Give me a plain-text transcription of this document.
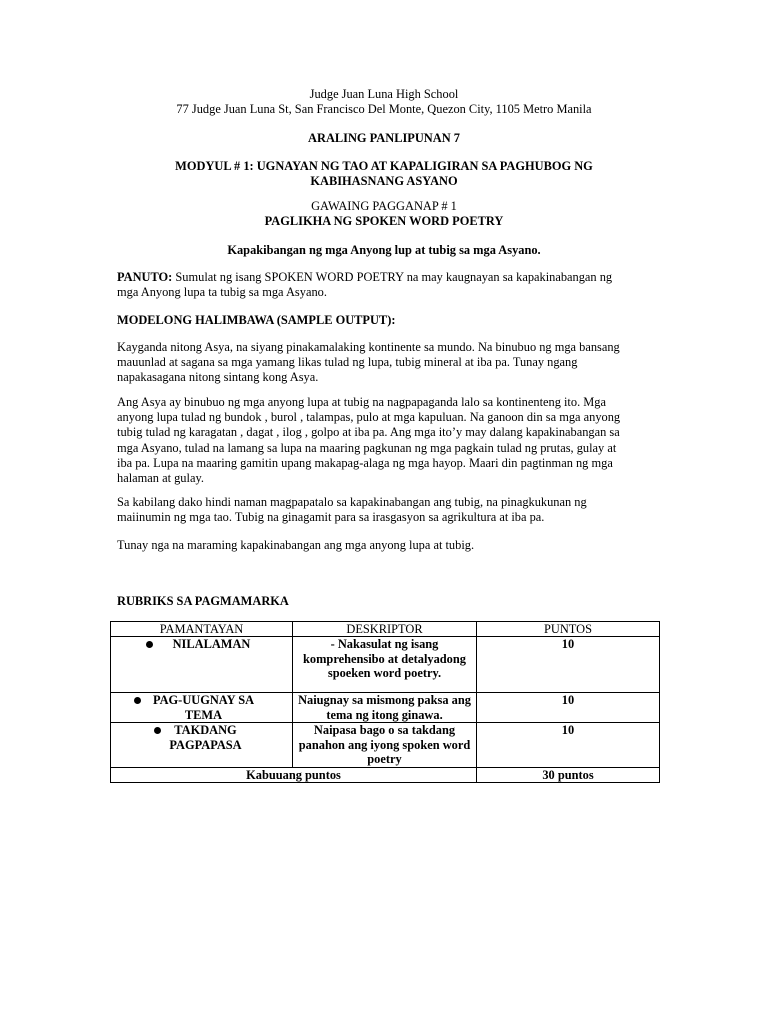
Judge Juan Luna High School
77 Judge Juan Luna St, San Francisco Del Monte, Quezon City, 1105 Metro Manila
ARALING PANLIPUNAN 7
MODYUL # 1: UGNAYAN NG TAO AT KAPALIGIRAN SA PAGHUBOG NG
KABIHASNANG ASYANO
GAWAING PAGGANAP # 1
PAGLIKHA NG SPOKEN WORD POETRY
Kapakibangan ng mga Anyong lup at tubig sa mga Asyano.
PANUTO: Sumulat ng isang SPOKEN WORD POETRY na may kaugnayan sa kapakinabangan ng
mga Anyong lupa ta tubig sa mga Asyano.
MODELONG HALIMBAWA (SAMPLE OUTPUT):
Kayganda nitong Asya, na siyang pinakamalaking kontinente sa mundo. Na binubuo ng mga bansang
mauunlad at sagana sa mga yamang likas tulad ng lupa, tubig mineral at iba pa. Tunay ngang
napakasagana nitong sintang kong Asya.
Ang Asya ay binubuo ng mga anyong lupa at tubig na nagpapaganda lalo sa kontinenteng ito. Mga
anyong lupa tulad ng bundok , burol , talampas, pulo at mga kapuluan. Na ganoon din sa mga anyong
tubig tulad ng karagatan , dagat , ilog , golpo at iba pa. Ang mga ito’y may dalang kapakinabangan sa
mga Asyano, tulad na lamang sa lupa na maaring pagkunan ng mga pagkain tulad ng prutas, gulay at
iba pa. Lupa na maaring gamitin upang makapag-alaga ng mga hayop. Maari din pagtinman ng mga
halaman at gulay.
Sa kabilang dako hindi naman magpapatalo sa kapakinabangan ang tubig, na pinagkukunan ng
maiinumin ng mga tao. Tubig na ginagamit para sa irasgasyon sa agrikultura at iba pa.
Tunay nga na maraming kapakinabangan ang mga anyong lupa at tubig.
RUBRIKS SA PAGMAMARKA
PAMANTAYAN	DESKRIPTOR	PUNTOS

NILALAMAN	- Nakasulat ng isang komprehensibo at detalyadong spoeken word poetry.	10

PAG-UUGNAY SA TEMA	Naiugnay sa mismong paksa ang tema ng itong ginawa.	10

TAKDANG PAGPAPASA	Naipasa bago o sa takdang panahon ang iyong spoken word poetry	10
Kabuuang puntos		30 puntos
